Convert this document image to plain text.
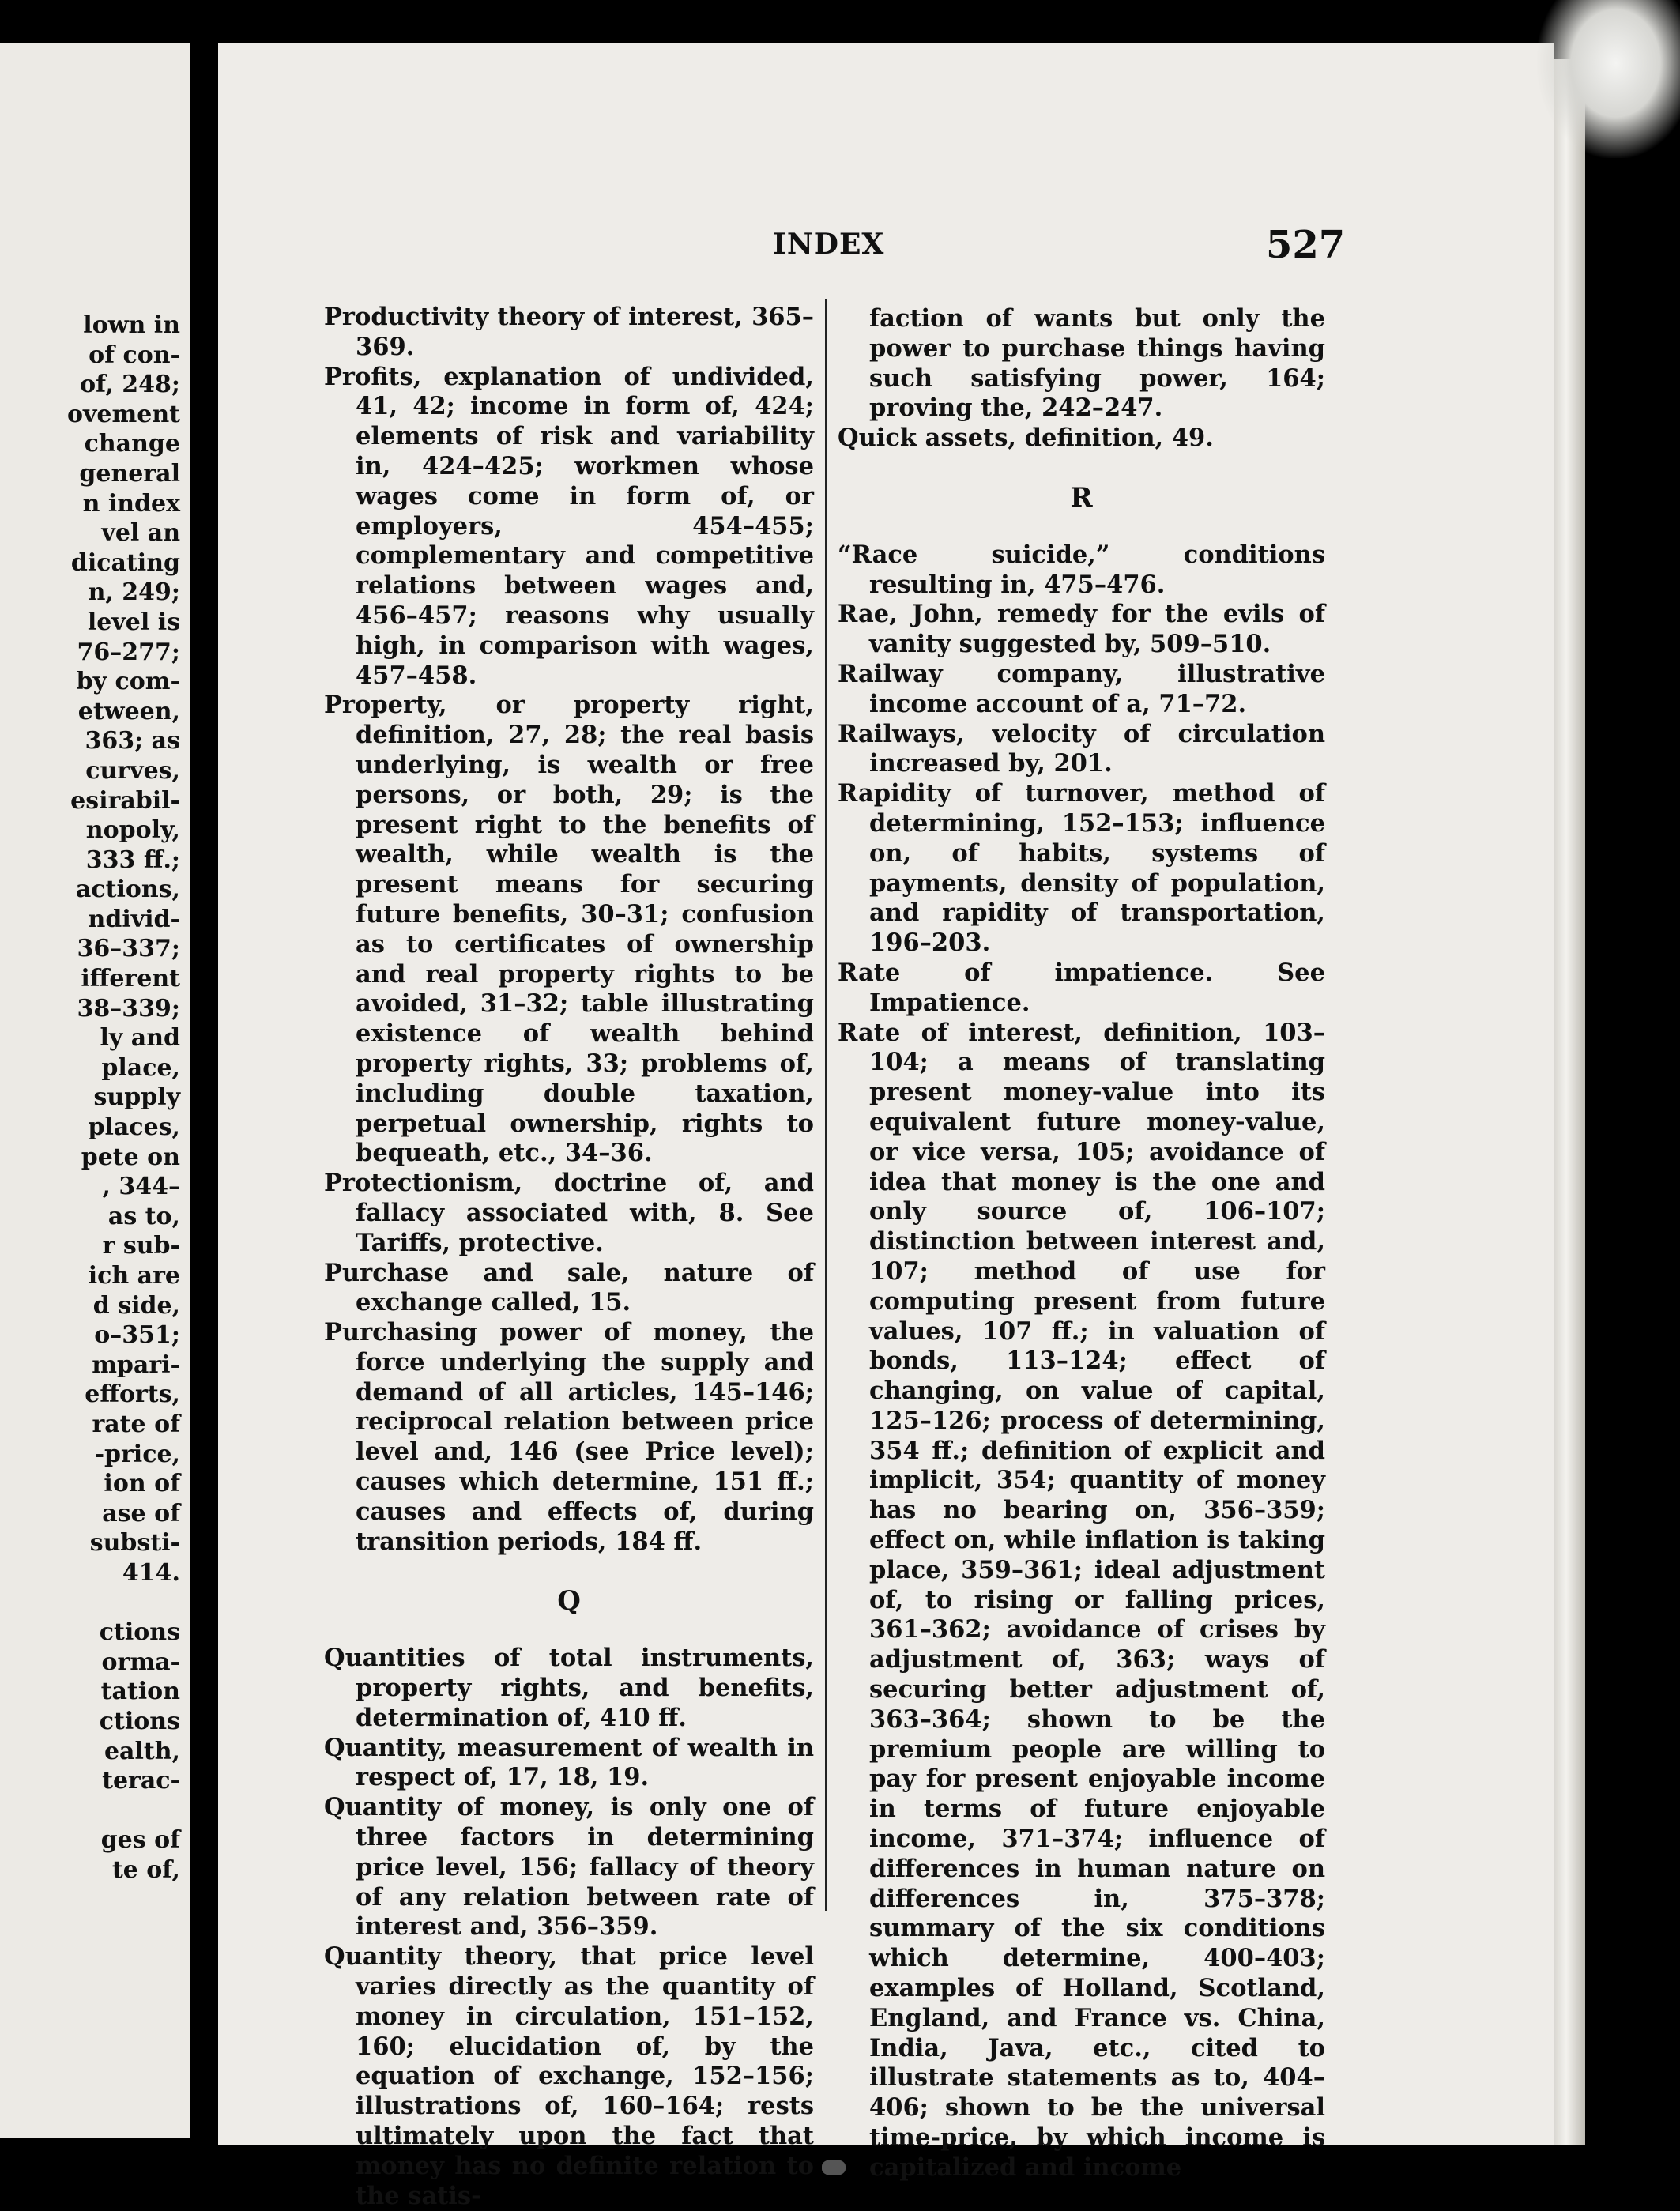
lown in
of con-
of, 248;
ovement
change
general
n index
vel an
dicating
n, 249;
level is
76–277;
by com-
etween,
363; as
curves,
esirabil-
nopoly,
333 ff.;
actions,
ndivid-
36–337;
ifferent
38–339;
ly and
place,
supply
places,
pete on
, 344–
as to,
r sub-
ich are
d side,
o–351;
mpari-
efforts,
rate of
-price,
ion of
ase of
substi-
414.

ctions
orma-
tation
ctions
ealth,
terac-

ges of
te of,
INDEX	527

Productivity theory of interest, 365–369.

Profits, explanation of undivided, 41, 42; income in form of, 424; elements of risk and variability in, 424–425; workmen whose wages come in form of, or employers, 454–455; complementary and competitive relations between wages and, 456–457; reasons why usually high, in comparison with wages, 457–458.

Property, or property right, definition, 27, 28; the real basis underlying, is wealth or free persons, or both, 29; is the present right to the benefits of wealth, while wealth is the present means for securing future benefits, 30–31; confusion as to certificates of ownership and real property rights to be avoided, 31–32; table illustrating existence of wealth behind property rights, 33; problems of, including double taxation, perpetual ownership, rights to bequeath, etc., 34–36.

Protectionism, doctrine of, and fallacy associated with, 8. See Tariffs, protective.

Purchase and sale, nature of exchange called, 15.

Purchasing power of money, the force underlying the supply and demand of all articles, 145–146; reciprocal relation between price level and, 146 (see Price level); causes which determine, 151 ff.; causes and effects of, during transition periods, 184 ff.

Q

Quantities of total instruments, property rights, and benefits, determination of, 410 ff.

Quantity, measurement of wealth in respect of, 17, 18, 19.

Quantity of money, is only one of three factors in determining price level, 156; fallacy of theory of any relation between rate of interest and, 356–359.

Quantity theory, that price level varies directly as the quantity of money in circulation, 151–152, 160; elucidation of, by the equation of exchange, 152–156; illustrations of, 160–164; rests ultimately upon the fact that money has no definite relation to the satis-

faction of wants but only the power to purchase things having such satisfying power, 164; proving the, 242–247.

Quick assets, definition, 49.

R

“Race suicide,” conditions resulting in, 475–476.

Rae, John, remedy for the evils of vanity suggested by, 509–510.

Railway company, illustrative income account of a, 71–72.

Railways, velocity of circulation increased by, 201.

Rapidity of turnover, method of determining, 152–153; influence on, of habits, systems of payments, density of population, and rapidity of transportation, 196–203.

Rate of impatience. See Impatience.

Rate of interest, definition, 103–104; a means of translating present money-value into its equivalent future money-value, or vice versa, 105; avoidance of idea that money is the one and only source of, 106–107; distinction between interest and, 107; method of use for computing present from future values, 107 ff.; in valuation of bonds, 113–124; effect of changing, on value of capital, 125–126; process of determining, 354 ff.; definition of explicit and implicit, 354; quantity of money has no bearing on, 356–359; effect on, while inflation is taking place, 359–361; ideal adjustment of, to rising or falling prices, 361–362; avoidance of crises by adjustment of, 363; ways of securing better adjustment of, 363–364; shown to be the premium people are willing to pay for present enjoyable income in terms of future enjoyable income, 371–374; influence of differences in human nature on differences in, 375–378; summary of the six conditions which determine, 400–403; examples of Holland, Scotland, England, and France vs. China, India, Java, etc., cited to illustrate statements as to, 404–406; shown to be the universal time-price, by which income is capitalized and income
